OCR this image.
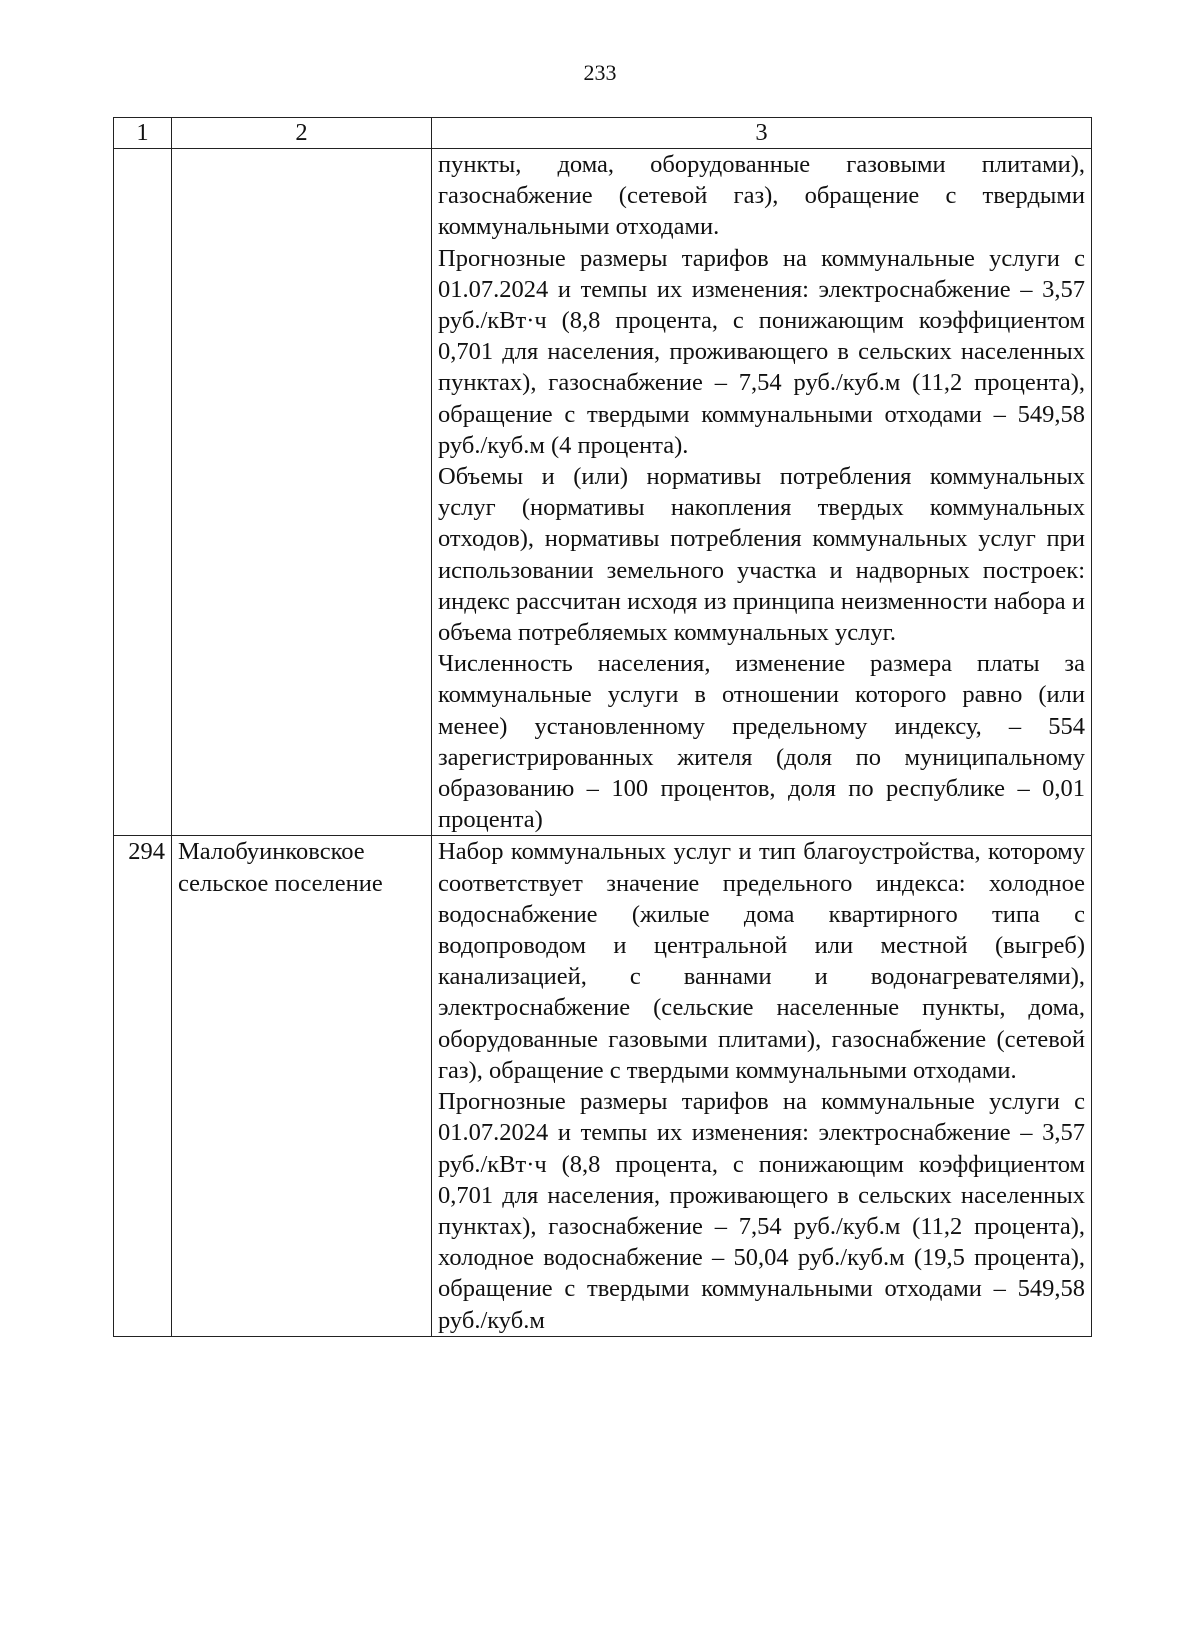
233
1	2	3

		пункты, дома, оборудованные газовыми плитами), газоснабжение (сетевой газ), обращение с твердыми коммунальными отходами.

Прогнозные размеры тарифов на коммунальные услуги с 01.07.2024 и темпы их изменения: электроснабжение – 3,57 руб./кВт·ч (8,8 процента, с понижающим коэффициентом 0,701 для населения, проживающего в сельских населенных пунктах), газоснабжение – 7,54 руб./куб.м (11,2 процента), обращение с твердыми коммунальными отходами – 549,58 руб./куб.м (4 процента).

Объемы и (или) нормативы потребления коммунальных услуг (нормативы накопления твердых коммунальных отходов), нормативы потребления коммунальных услуг при использовании земельного участка и надворных построек: индекс рассчитан исходя из принципа неизменности набора и объема потребляемых коммунальных услуг.

Численность населения, изменение размера платы за коммунальные услуги в отношении которого равно (или менее) установленному предельному индексу, – 554 зарегистрированных жителя (доля по муниципальному образованию – 100 процентов, доля по республике – 0,01 процента)

294	Малобуинковское сельское поселение	Набор коммунальных услуг и тип благоустройства, которому соответствует значение предельного индекса: холодное водоснабжение (жилые дома квартирного типа с водопроводом и центральной или местной (выгреб) канализацией, с ваннами и водонагревателями), электроснабжение (сельские населенные пункты, дома, оборудованные газовыми плитами), газоснабжение (сетевой газ), обращение с твердыми коммунальными отходами.

Прогнозные размеры тарифов на коммунальные услуги с 01.07.2024 и темпы их изменения: электроснабжение – 3,57 руб./кВт·ч (8,8 процента, с понижающим коэффициентом 0,701 для населения, проживающего в сельских населенных пунктах), газоснабжение – 7,54 руб./куб.м (11,2 процента), холодное водоснабжение – 50,04 руб./куб.м (19,5 процента), обращение с твердыми коммунальными отходами – 549,58 руб./куб.м
